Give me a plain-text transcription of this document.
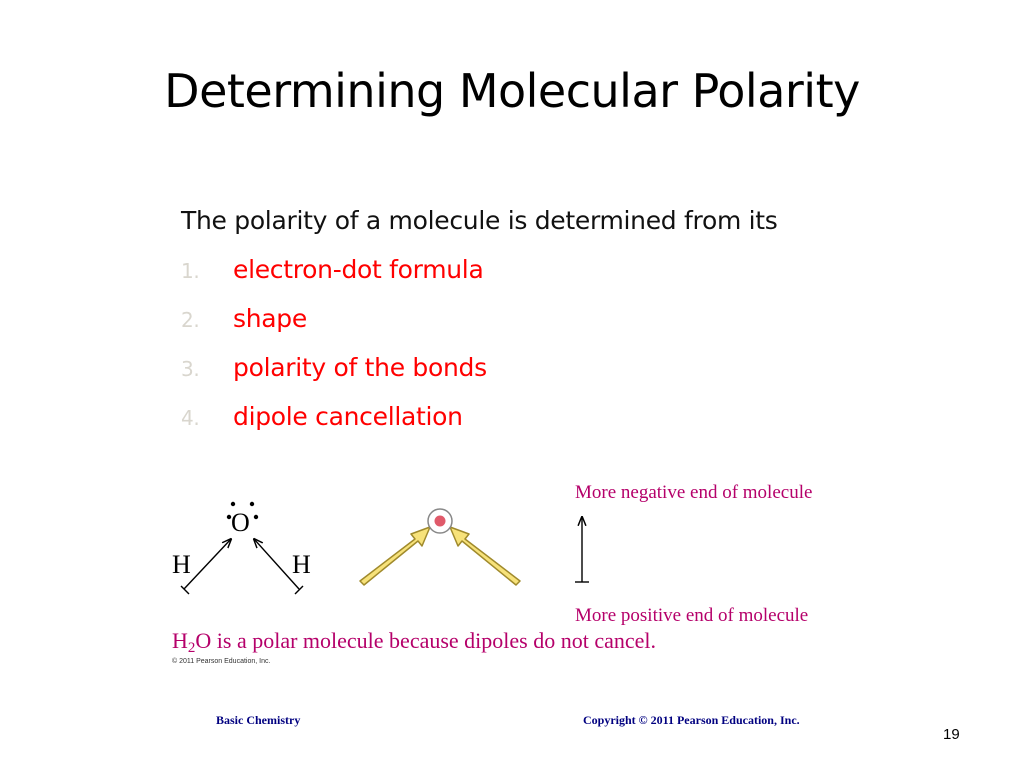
Determining Molecular Polarity
The polarity of a molecule is determined from its
1.	electron-dot formula
2.	shape
3.	polarity of the bonds
4.	dipole cancellation
O
H	H
More negative end of molecule
More positive end of molecule
$H_2O$ is a polar molecule because dipoles do not cancel.
© 2011 Pearson Education, Inc.
Basic Chemistry	Copyright © 2011 Pearson Education, Inc.
19
